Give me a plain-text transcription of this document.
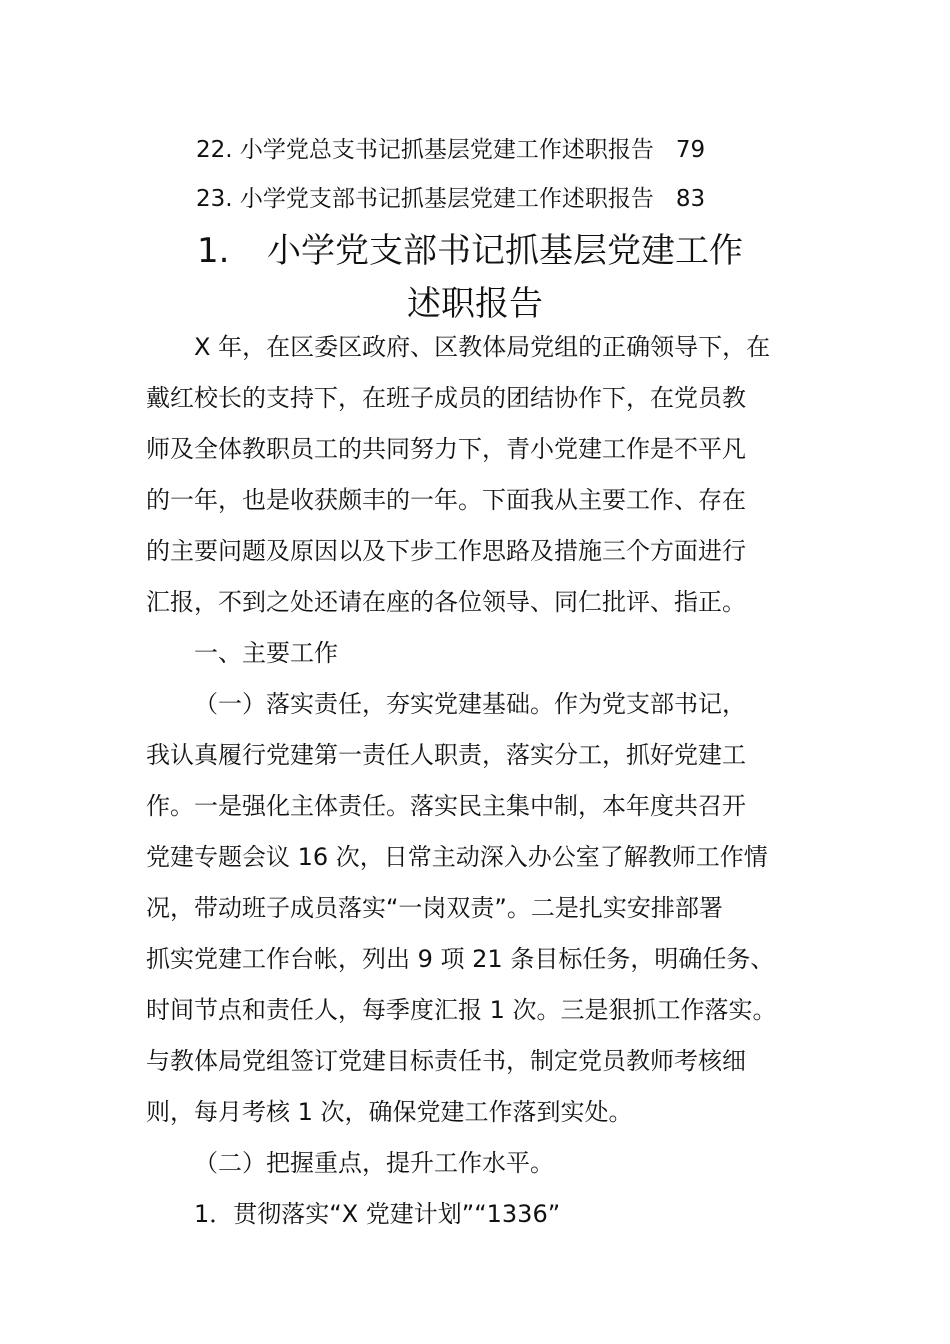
22. 小学党总支书记抓基层党建工作述职报告 79
23. 小学党支部书记抓基层党建工作述职报告 83
1. 小学党支部书记抓基层党建工作
述职报告
X 年，在区委区政府、区教体局党组的正确领导下，在
戴红校长的支持下，在班子成员的团结协作下，在党员教
师及全体教职员工的共同努力下，青小党建工作是不平凡
的一年，也是收获颇丰的一年。下面我从主要工作、存在
的主要问题及原因以及下步工作思路及措施三个方面进行
汇报，不到之处还请在座的各位领导、同仁批评、指正。
一、主要工作
（一）落实责任，夯实党建基础。作为党支部书记，
我认真履行党建第一责任人职责，落实分工，抓好党建工
作。一是强化主体责任。落实民主集中制，本年度共召开
党建专题会议 16 次，日常主动深入办公室了解教师工作情
况，带动班子成员落实“一岗双责”。二是扎实安排部署
抓实党建工作台帐，列出 9 项 21 条目标任务，明确任务、
时间节点和责任人，每季度汇报 1 次。三是狠抓工作落实。
与教体局党组签订党建目标责任书，制定党员教师考核细
则，每月考核 1 次，确保党建工作落到实处。
（二）把握重点，提升工作水平。
1．贯彻落实“X 党建计划”“1336”
